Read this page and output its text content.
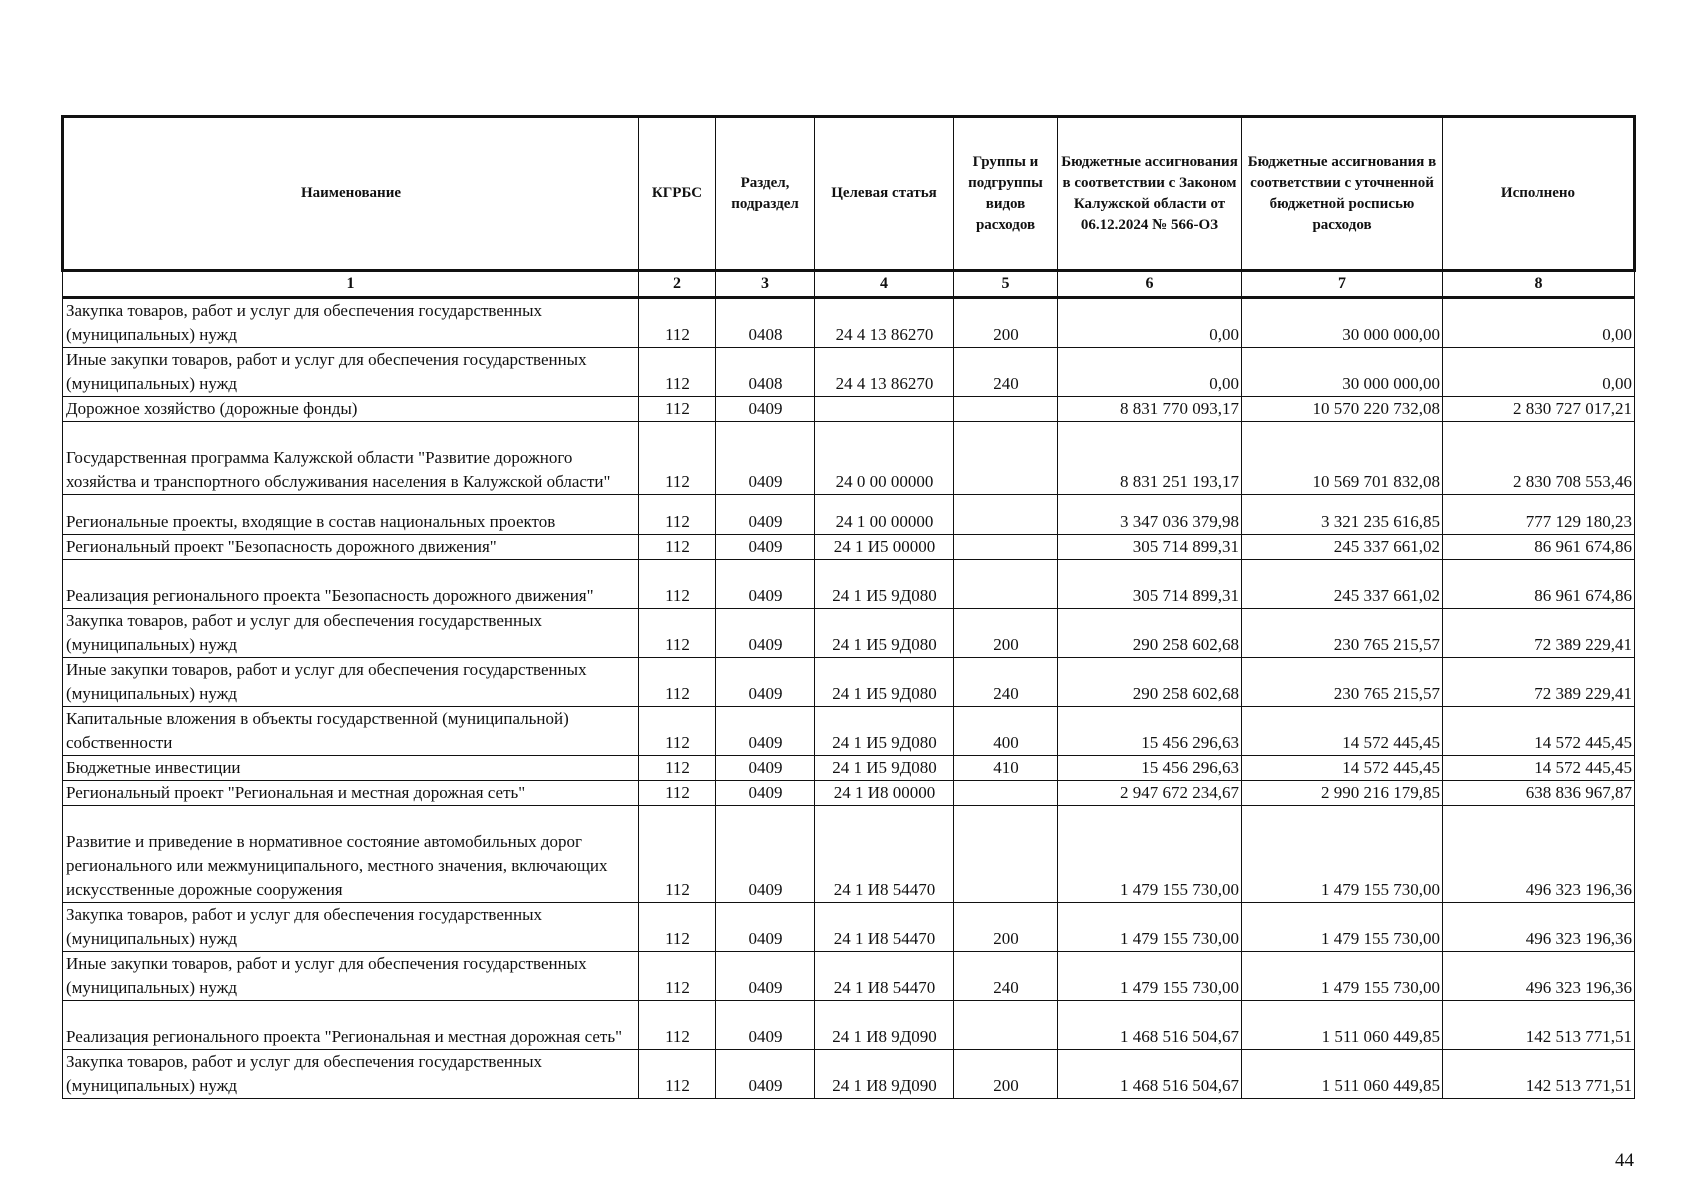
Наименование	КГРБС	Раздел, подраздел	Целевая статья	Группы и подгруппы видов расходов	Бюджетные ассигнования в соответствии с Законом Калужской области от 06.12.2024 № 566-ОЗ	Бюджетные ассигнования в соответствии с уточненной бюджетной росписью расходов	Исполнено
1	2	3	4	5	6	7	8
Закупка товаров, работ и услуг для обеспечения государственных (муниципальных) нужд	112	0408	24 4 13 86270	200	0,00	30 000 000,00	0,00
Иные закупки товаров, работ и услуг для обеспечения государственных (муниципальных) нужд	112	0408	24 4 13 86270	240	0,00	30 000 000,00	0,00
Дорожное хозяйство (дорожные фонды)	112	0409			8 831 770 093,17	10 570 220 732,08	2 830 727 017,21
Государственная программа Калужской области "Развитие дорожного хозяйства и транспортного обслуживания населения в Калужской области"	112	0409	24 0 00 00000		8 831 251 193,17	10 569 701 832,08	2 830 708 553,46
Региональные проекты, входящие в состав национальных проектов	112	0409	24 1 00 00000		3 347 036 379,98	3 321 235 616,85	777 129 180,23
Региональный проект "Безопасность дорожного движения"	112	0409	24 1 И5 00000		305 714 899,31	245 337 661,02	86 961 674,86
Реализация регионального проекта "Безопасность дорожного движения"	112	0409	24 1 И5 9Д080		305 714 899,31	245 337 661,02	86 961 674,86
Закупка товаров, работ и услуг для обеспечения государственных (муниципальных) нужд	112	0409	24 1 И5 9Д080	200	290 258 602,68	230 765 215,57	72 389 229,41
Иные закупки товаров, работ и услуг для обеспечения государственных (муниципальных) нужд	112	0409	24 1 И5 9Д080	240	290 258 602,68	230 765 215,57	72 389 229,41
Капитальные вложения в объекты государственной (муниципальной) собственности	112	0409	24 1 И5 9Д080	400	15 456 296,63	14 572 445,45	14 572 445,45
Бюджетные инвестиции	112	0409	24 1 И5 9Д080	410	15 456 296,63	14 572 445,45	14 572 445,45
Региональный проект "Региональная и местная дорожная сеть"	112	0409	24 1 И8 00000		2 947 672 234,67	2 990 216 179,85	638 836 967,87
Развитие и приведение в нормативное состояние автомобильных дорог регионального или межмуниципального, местного значения, включающих искусственные дорожные сооружения	112	0409	24 1 И8 54470		1 479 155 730,00	1 479 155 730,00	496 323 196,36
Закупка товаров, работ и услуг для обеспечения государственных (муниципальных) нужд	112	0409	24 1 И8 54470	200	1 479 155 730,00	1 479 155 730,00	496 323 196,36
Иные закупки товаров, работ и услуг для обеспечения государственных (муниципальных) нужд	112	0409	24 1 И8 54470	240	1 479 155 730,00	1 479 155 730,00	496 323 196,36
Реализация регионального проекта "Региональная и местная дорожная сеть"	112	0409	24 1 И8 9Д090		1 468 516 504,67	1 511 060 449,85	142 513 771,51
Закупка товаров, работ и услуг для обеспечения государственных (муниципальных) нужд	112	0409	24 1 И8 9Д090	200	1 468 516 504,67	1 511 060 449,85	142 513 771,51
44
